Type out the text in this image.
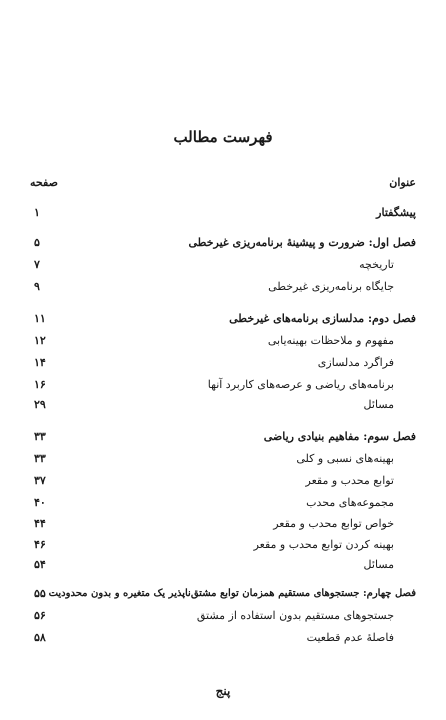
فهرست مطالب
عنوان
صفحه
پیشگفتار
۱
فصل اول: ضرورت و پیشینهٔ برنامه‌ریزی غیرخطی
۵
تاریخچه
۷
جایگاه برنامه‌ریزی غیرخطی
۹
فصل دوم: مدلسازی برنامه‌های غیرخطی
۱۱
مفهوم و ملاحظات بهینه‌یابی
۱۲
فراگرد مدلسازی
۱۴
برنامه‌های ریاضی و عرصه‌های کاربرد آنها
۱۶
مسائل
۲۹
فصل سوم: مفاهیم بنیادی ریاضی
۳۳
بهینه‌های نسبی و کلی
۳۳
توابع محدب و مقعر
۳۷
مجموعه‌های محدب
۴۰
خواص توابع محدب و مقعر
۴۴
بهینه کردن توابع محدب و مقعر
۴۶
مسائل
۵۴
فصل چهارم: جستجوهای مستقیم همزمان توابع مشتق‌ناپذیر یک متغیره و بدون محدودیت
۵۵
جستجوهای مستقیم بدون استفاده از مشتق
۵۶
فاصلهٔ عدم قطعیت
۵۸
پنج
